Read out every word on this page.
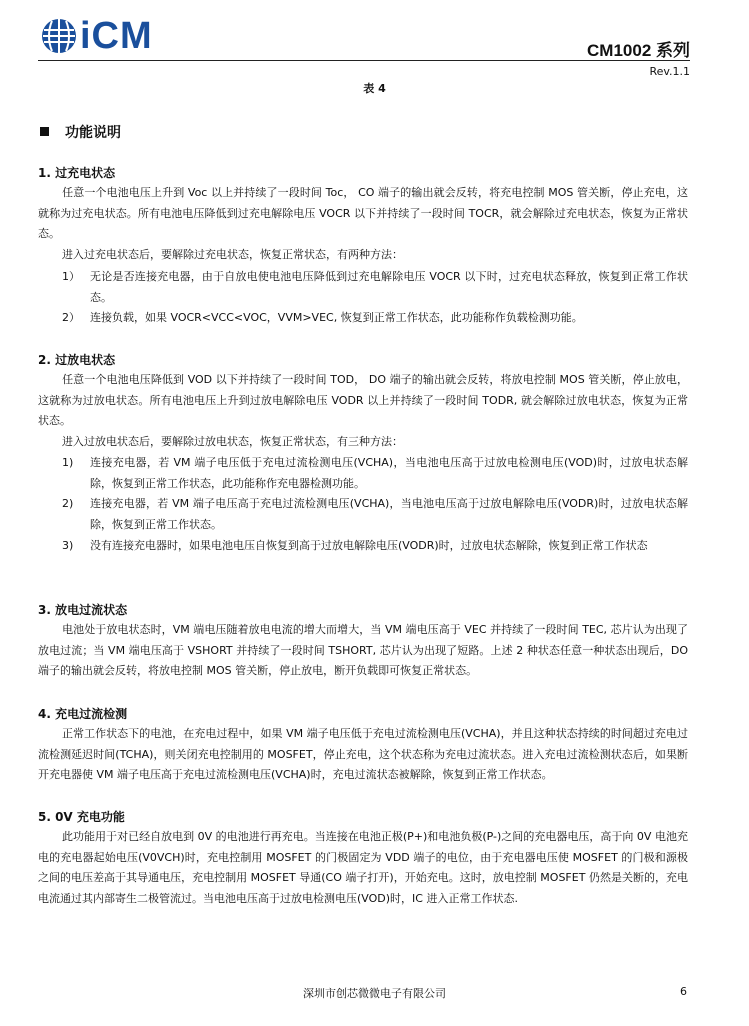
iCM	CM1002 系列
Rev.1.1
表 4
功能说明
1. 过充电状态
任意一个电池电压上升到 Voc 以上并持续了一段时间 Toc， CO 端子的输出就会反转，将充电控制 MOS 管关断，停止充电，这就称为过充电状态。所有电池电压降低到过充电解除电压 VOCR 以下并持续了一段时间 TOCR，就会解除过充电状态，恢复为正常状态。
进入过充电状态后，要解除过充电状态，恢复正常状态，有两种方法：
1） 无论是否连接充电器，由于自放电使电池电压降低到过充电解除电压 VOCR 以下时，过充电状态释放，恢复到正常工作状态。
2） 连接负载，如果 VOCR<VCC<VOC，VVM>VEC, 恢复到正常工作状态，此功能称作负载检测功能。
2. 过放电状态
任意一个电池电压降低到 VOD 以下并持续了一段时间 TOD， DO 端子的输出就会反转，将放电控制 MOS 管关断，停止放电，这就称为过放电状态。所有电池电压上升到过放电解除电压 VODR 以上并持续了一段时间 TODR, 就会解除过放电状态，恢复为正常状态。
进入过放电状态后，要解除过放电状态，恢复正常状态，有三种方法：
1) 连接充电器，若 VM 端子电压低于充电过流检测电压(VCHA)，当电池电压高于过放电检测电压(VOD)时，过放电状态解除，恢复到正常工作状态，此功能称作充电器检测功能。
2) 连接充电器，若 VM 端子电压高于充电过流检测电压(VCHA)，当电池电压高于过放电解除电压(VODR)时，过放电状态解除，恢复到正常工作状态。
3) 没有连接充电器时，如果电池电压自恢复到高于过放电解除电压(VODR)时，过放电状态解除，恢复到正常工作状态
3. 放电过流状态
电池处于放电状态时，VM 端电压随着放电电流的增大而增大，当 VM 端电压高于 VEC 并持续了一段时间 TEC, 芯片认为出现了放电过流；当 VM 端电压高于 VSHORT 并持续了一段时间 TSHORT, 芯片认为出现了短路。上述 2 种状态任意一种状态出现后，DO 端子的输出就会反转，将放电控制 MOS 管关断，停止放电，断开负载即可恢复正常状态。
4. 充电过流检测
正常工作状态下的电池，在充电过程中，如果 VM 端子电压低于充电过流检测电压(VCHA)，并且这种状态持续的时间超过充电过流检测延迟时间(TCHA)，则关闭充电控制用的 MOSFET，停止充电，这个状态称为充电过流状态。进入充电过流检测状态后，如果断开充电器使 VM 端子电压高于充电过流检测电压(VCHA)时，充电过流状态被解除，恢复到正常工作状态。
5. 0V 充电功能
此功能用于对已经自放电到 0V 的电池进行再充电。当连接在电池正极(P+)和电池负极(P-)之间的充电器电压，高于向 0V 电池充电的充电器起始电压(V0VCH)时，充电控制用 MOSFET 的门极固定为 VDD 端子的电位，由于充电器电压使 MOSFET 的门极和源极之间的电压差高于其导通电压，充电控制用 MOSFET 导通(CO 端子打开)，开始充电。这时，放电控制 MOSFET 仍然是关断的，充电电流通过其内部寄生二极管流过。当电池电压高于过放电检测电压(VOD)时，IC 进入正常工作状态.
深圳市创芯微微电子有限公司	6
